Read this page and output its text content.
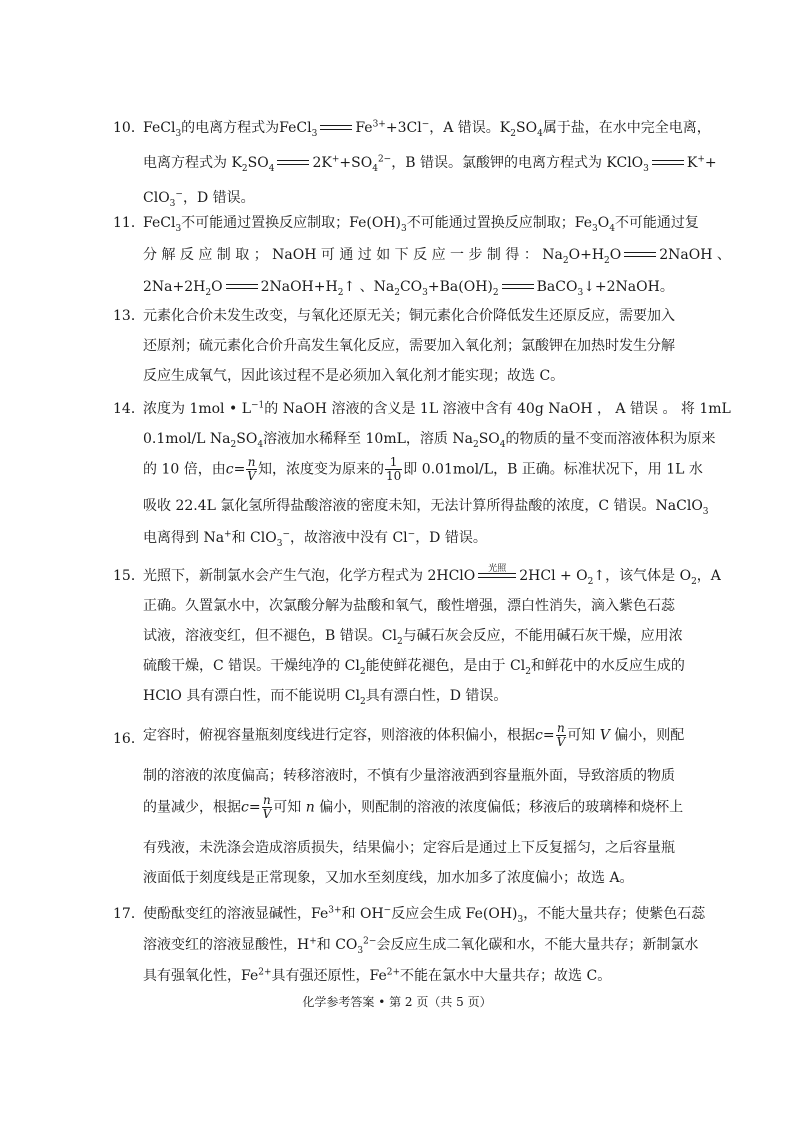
10．
FeCl$_3$的电离方程式为FeCl$_3$	$Fe^{3+}+3Cl^-$，A 错误。$K_2SO_4$属于盐，在水中完全电离，
电离方程式为 $K_2SO_4$	$2K^++SO_4^{2-}$，B 错误。氯酸钾的电离方程式为 KClO$_3$	K++
ClO$_3$−，D 错误。
11．
FeCl$_3$不可能通过置换反应制取；$Fe(OH)_3$不可能通过置换反应制取；$Fe_3O_4$不可能通过复
分 解 反 应 制 取 ； NaOH 可 通 过 如 下 反 应 一 步 制 得 ： $Na_2O+H_2O$	2NaOH 、
$2Na+2H_2O$	$2NaOH+H_2↑$ 、$Na_2CO_3+Ba(OH)_2$	BaCO$_3$↓+2NaOH。
13．
元素化合价未发生改变，与氧化还原无关；铜元素化合价降低发生还原反应，需要加入
还原剂；硫元素化合价升高发生氧化反应，需要加入氧化剂；氯酸钾在加热时发生分解
反应生成氧气，因此该过程不是必须加入氧化剂才能实现；故选 C。
14．
浓度为 1mol • $L^{-1}$的 NaOH 溶液的含义是 1L 溶液中含有 40g NaOH ， A 错误 。 将 1mL
0.1mol/L $Na_2SO_4$溶液加水稀释至 10mL，溶质 $Na_2SO_4$的物质的量不变而溶液体积为原来
的 10 倍，由$c= \frac{n}{V}$ 知，浓度变为原来的 $\frac{1}{10}$ 即 0.01mol/L，B 正确。标准状况下，用 1L 水
吸收 22.4L 氯化氢所得盐酸溶液的密度未知，无法计算所得盐酸的浓度，C 错误。NaClO$_3$
电离得到 Na+和 ClO$_3$−，故溶液中没有 Cl−，D 错误。
15．
光照下，新制氯水会产生气泡，化学方程式为 2HClO	光照 $2HCl + O_2↑$，该气体是 $O_2$，A
正确。久置氯水中，次氯酸分解为盐酸和氧气，酸性增强，漂白性消失，滴入紫色石蕊
试液，溶液变红，但不褪色，B 错误。$Cl_2$与碱石灰会反应，不能用碱石灰干燥，应用浓
硫酸干燥，C 错误。干燥纯净的 $Cl_2$能使鲜花褪色，是由于 $Cl_2$和鲜花中的水反应生成的
HClO 具有漂白性，而不能说明 $Cl_2$具有漂白性，D 错误。
16．
定容时，俯视容量瓶刻度线进行定容，则溶液的体积偏小，根据$c= \frac{n}{V}$ 可知 V 偏小，则配
制的溶液的浓度偏高；转移溶液时，不慎有少量溶液洒到容量瓶外面，导致溶质的物质
的量减少，根据$c= \frac{n}{V}$ 可知 n 偏小，则配制的溶液的浓度偏低；移液后的玻璃棒和烧杯上
有残液，未洗涤会造成溶质损失，结果偏小；定容后是通过上下反复摇匀，之后容量瓶
液面低于刻度线是正常现象，又加水至刻度线，加水加多了浓度偏小；故选 A。
17．
使酚酞变红的溶液显碱性，$Fe^{3+}$和 OH−反应会生成 $Fe(OH)_3$，不能大量共存；使紫色石蕊
溶液变红的溶液显酸性，H+和 $CO_3^{2-}$会反应生成二氧化碳和水，不能大量共存；新制氯水
具有强氧化性，$Fe^{2+}$具有强还原性，$Fe^{2+}$不能在氯水中大量共存；故选 C。
化学参考答案 • 第 2 页（共 5 页）
